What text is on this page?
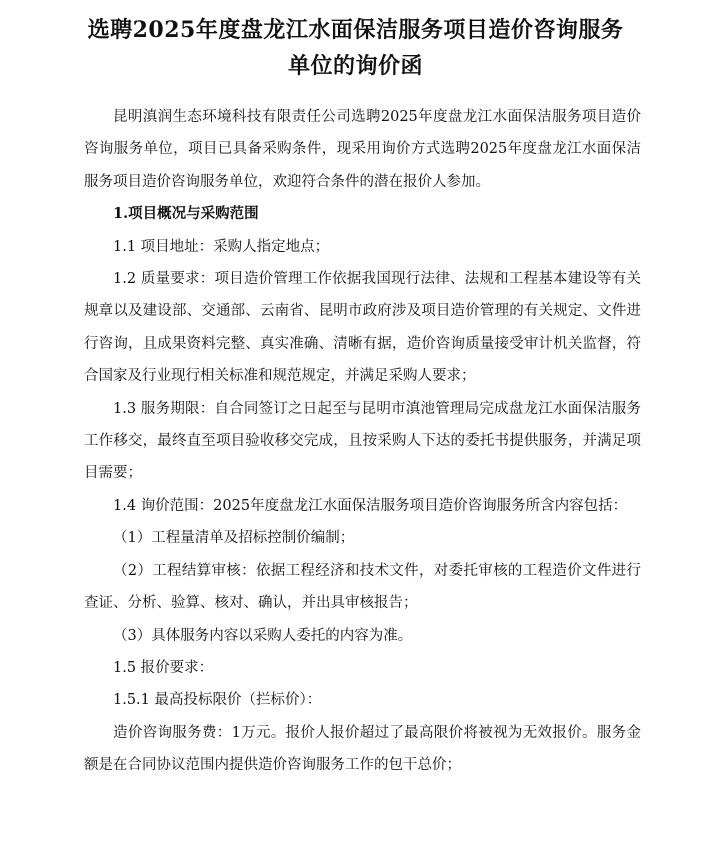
选聘2025年度盘龙江水面保洁服务项目造价咨询服务
单位的询价函

昆明滇润生态环境科技有限责任公司选聘2025年度盘龙江水面保洁服务项目造价咨询服务单位，项目已具备采购条件，现采用询价方式选聘2025年度盘龙江水面保洁服务项目造价咨询服务单位，欢迎符合条件的潜在报价人参加。

1.项目概况与采购范围

1.1 项目地址：采购人指定地点；

1.2 质量要求：项目造价管理工作依据我国现行法律、法规和工程基本建设等有关规章以及建设部、交通部、云南省、昆明市政府涉及项目造价管理的有关规定、文件进行咨询，且成果资料完整、真实准确、清晰有据，造价咨询质量接受审计机关监督，符合国家及行业现行相关标准和规范规定，并满足采购人要求；

1.3 服务期限：自合同签订之日起至与昆明市滇池管理局完成盘龙江水面保洁服务工作移交，最终直至项目验收移交完成，且按采购人下达的委托书提供服务，并满足项目需要；

1.4 询价范围：2025年度盘龙江水面保洁服务项目造价咨询服务所含内容包括：

（1）工程量清单及招标控制价编制；

（2）工程结算审核：依据工程经济和技术文件，对委托审核的工程造价文件进行查证、分析、验算、核对、确认，并出具审核报告；

（3）具体服务内容以采购人委托的内容为准。

1.5 报价要求：

1.5.1 最高投标限价（拦标价）：

造价咨询服务费：1万元。报价人报价超过了最高限价将被视为无效报价。服务金额是在合同协议范围内提供造价咨询服务工作的包干总价；
